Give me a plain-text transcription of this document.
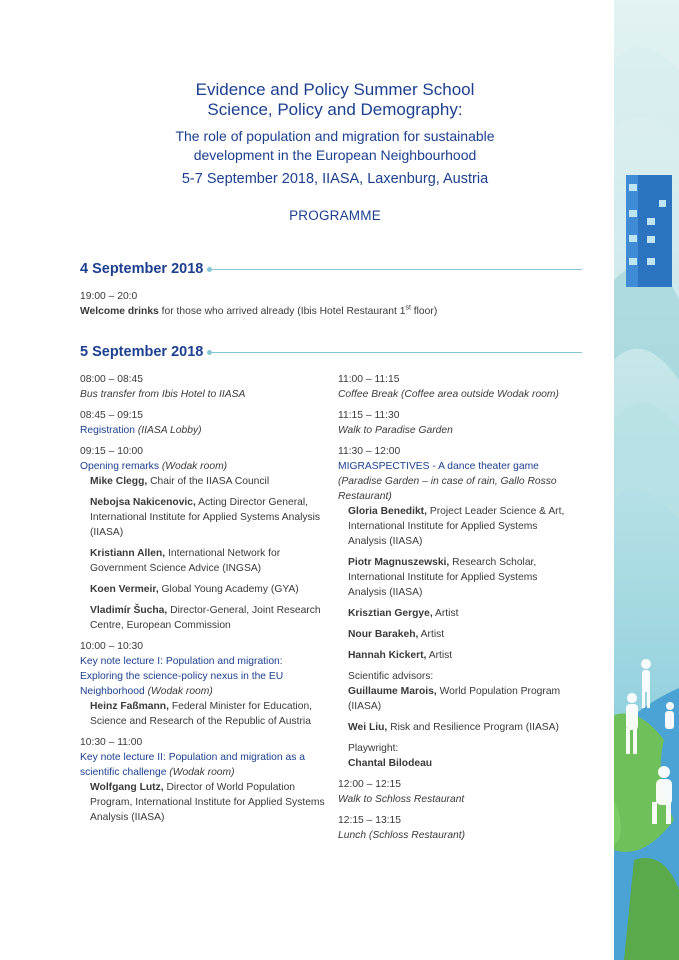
Evidence and Policy Summer School
Science, Policy and Demography:
The role of population and migration for sustainable
development in the European Neighbourhood
5-7 September 2018, IIASA, Laxenburg, Austria
PROGRAMME
4 September 2018
19:00 – 20:0
Welcome drinks for those who arrived already (Ibis Hotel Restaurant 1st floor)
5 September 2018
08:00 – 08:45
Bus transfer from Ibis Hotel to IIASA
08:45 – 09:15
Registration (IIASA Lobby)
09:15 – 10:00
Opening remarks (Wodak room)
Mike Clegg, Chair of the IIASA Council
Nebojsa Nakicenovic, Acting Director General, International Institute for Applied Systems Analysis (IIASA)
Kristiann Allen, International Network for Government Science Advice (INGSA)
Koen Vermeir, Global Young Academy (GYA)
Vladimír Šucha, Director-General, Joint Research Centre, European Commission
10:00 – 10:30
Key note lecture I: Population and migration: Exploring the science-policy nexus in the EU Neighborhood (Wodak room)
Heinz Faßmann, Federal Minister for Education, Science and Research of the Republic of Austria
10:30 – 11:00
Key note lecture II: Population and migration as a scientific challenge (Wodak room)
Wolfgang Lutz, Director of World Population Program, International Institute for Applied Systems Analysis (IIASA)
11:00 – 11:15
Coffee Break (Coffee area outside Wodak room)
11:15 – 11:30
Walk to Paradise Garden
11:30 – 12:00
MIGRASPECTIVES - A dance theater game
(Paradise Garden – in case of rain, Gallo Rosso Restaurant)
Gloria Benedikt, Project Leader Science & Art, International Institute for Applied Systems Analysis (IIASA)
Piotr Magnuszewski, Research Scholar, International Institute for Applied Systems Analysis (IIASA)
Krisztian Gergye, Artist
Nour Barakeh, Artist
Hannah Kickert, Artist
Scientific advisors:
Guillaume Marois, World Population Program (IIASA)
Wei Liu, Risk and Resilience Program (IIASA)
Playwright:
Chantal Bilodeau
12:00 – 12:15
Walk to Schloss Restaurant
12:15 – 13:15
Lunch (Schloss Restaurant)
